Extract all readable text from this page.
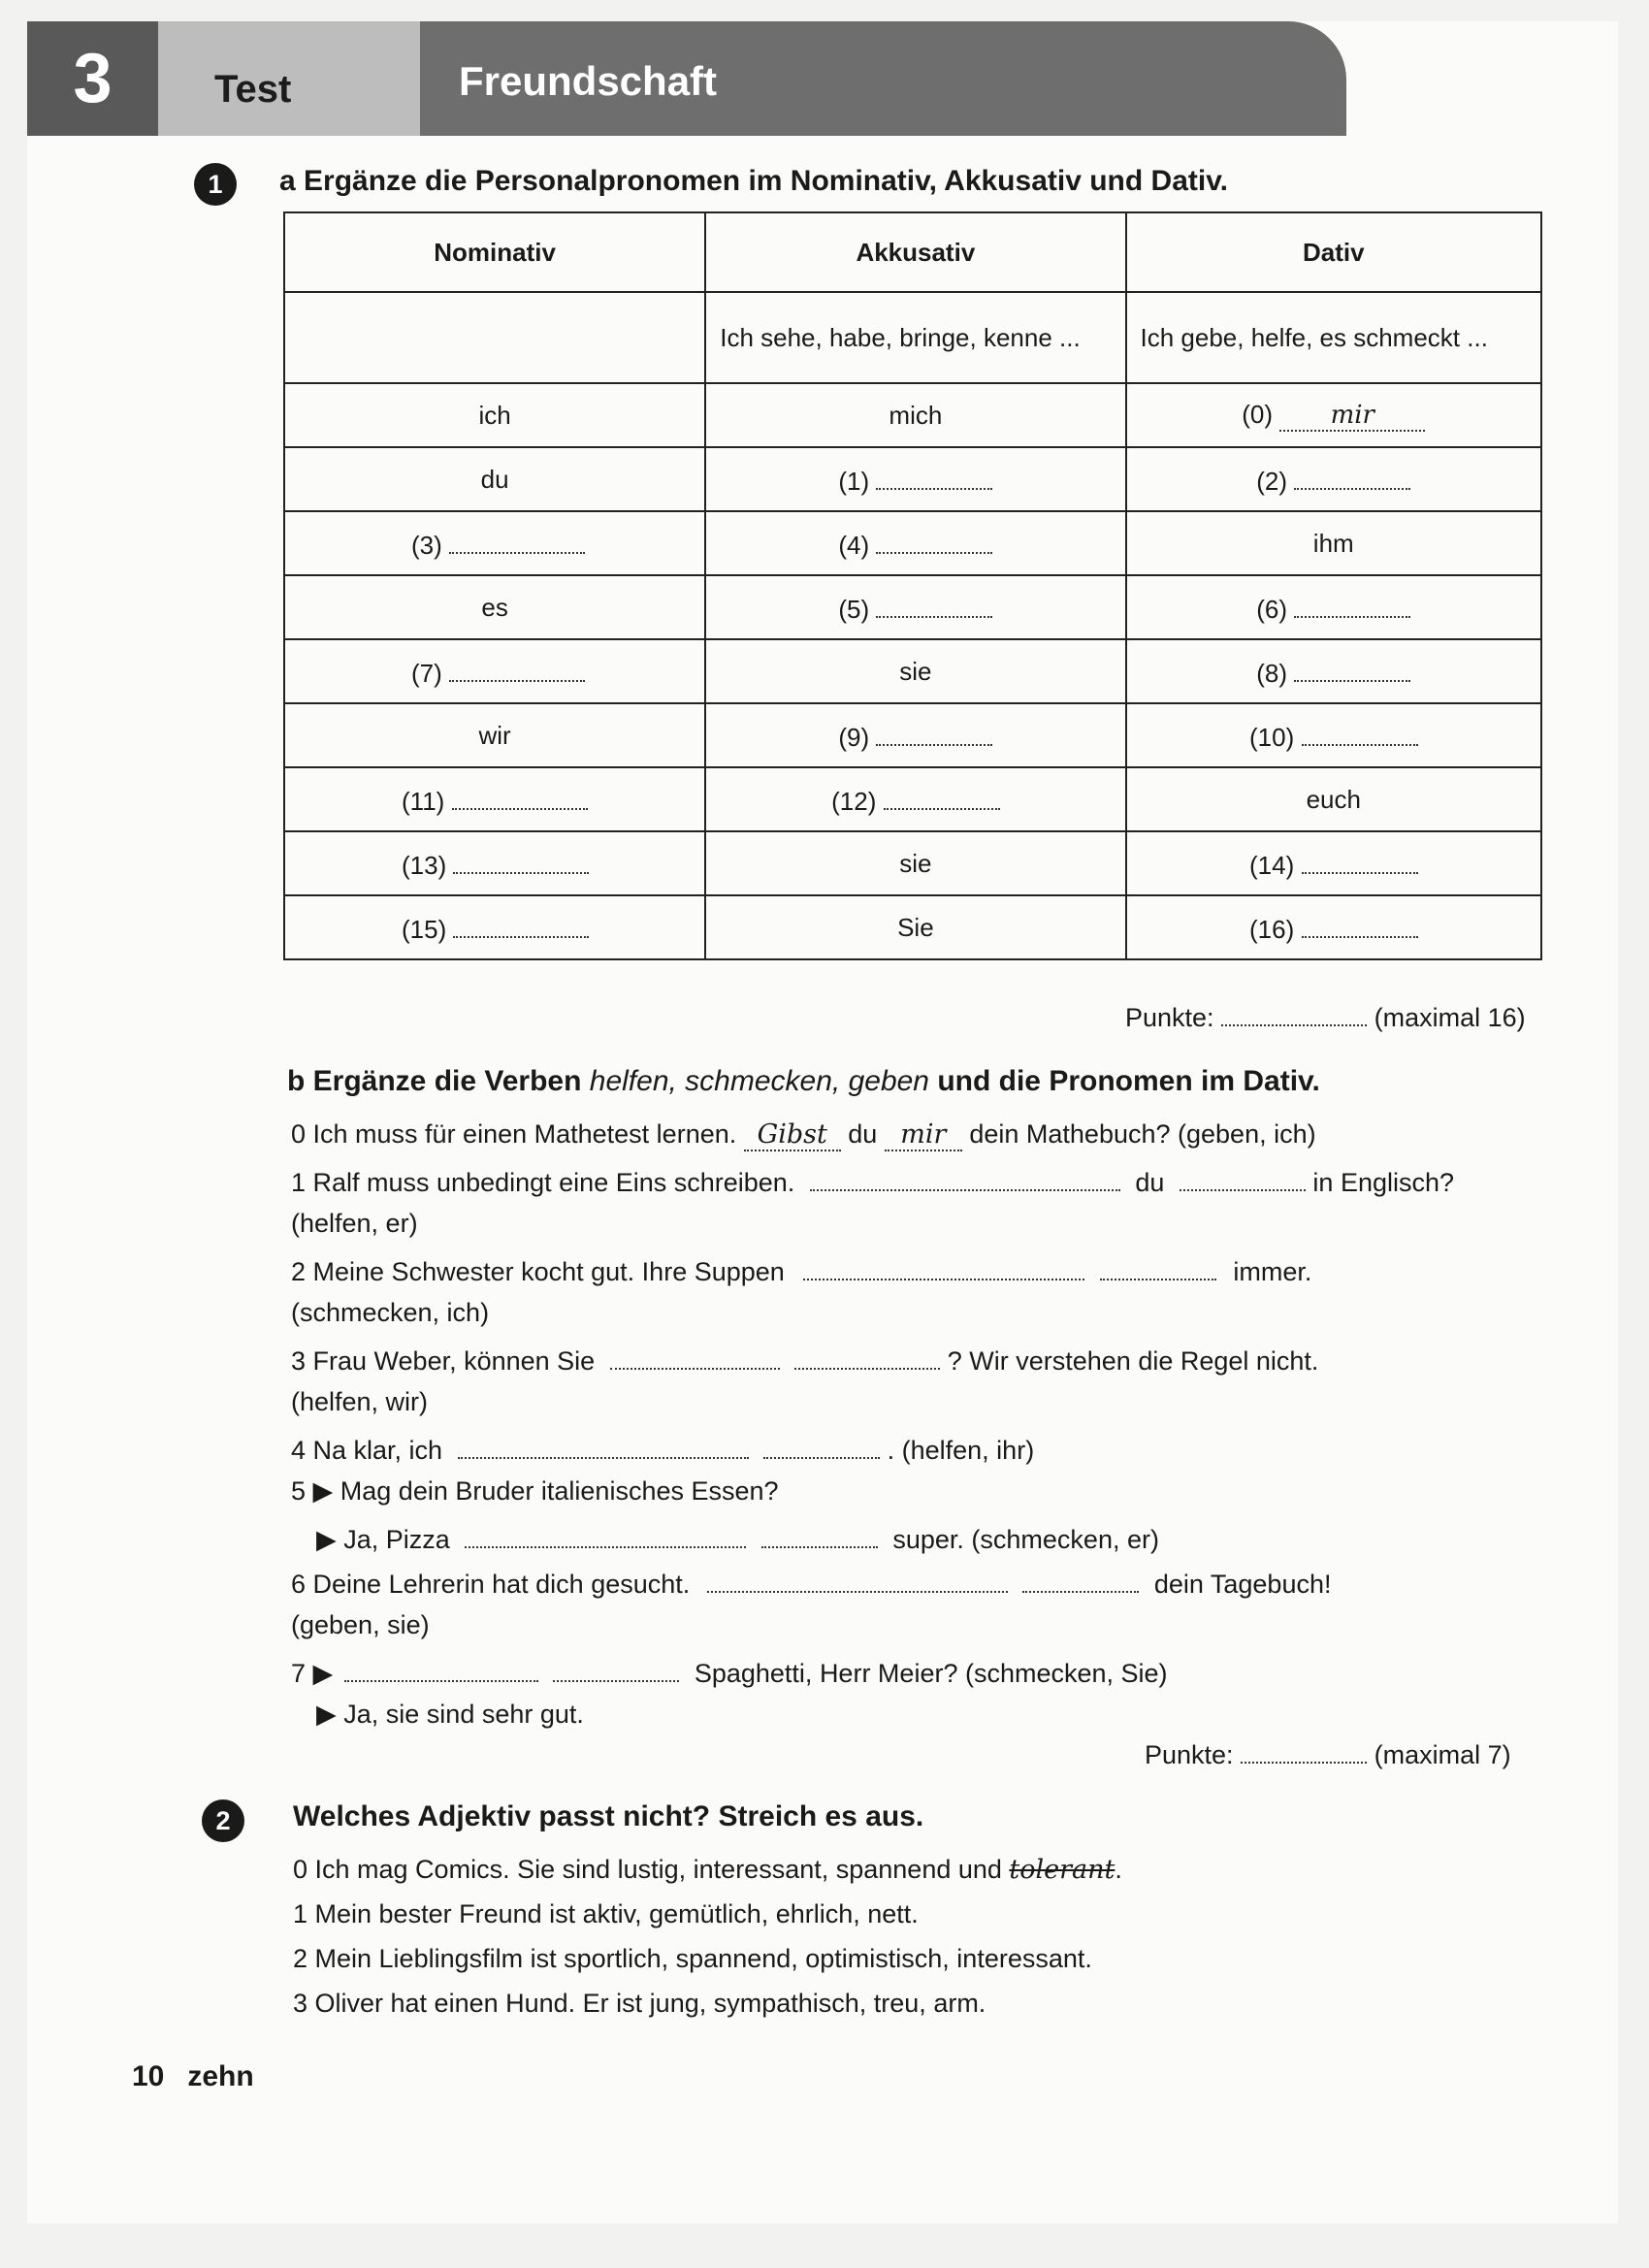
3	Test	Freundschaft
1	a Ergänze die Personalpronomen im Nominativ, Akkusativ und Dativ.
Nominativ	Akkusativ	Dativ
	Ich sehe, habe, bringe, kenne ...	Ich gebe, helfe, es schmeckt ...
ich	mich	(0) mir
du	(1)	(2)
(3)	(4)	ihm
es	(5)	(6)
(7)	sie	(8)
wir	(9)	(10)
(11)	(12)	euch
(13)	sie	(14)
(15)	Sie	(16)
Punkte:	(maximal 16)
b Ergänze die Verben helfen, schmecken, geben und die Pronomen im Dativ.
0 Ich muss für einen Mathetest lernen. Gibst du mir dein Mathebuch? (geben, ich)
1 Ralf muss unbedingt eine Eins schreiben.	du	in Englisch?
(helfen, er)
2 Meine Schwester kocht gut. Ihre Suppen	immer.
(schmecken, ich)
3 Frau Weber, können Sie	? Wir verstehen die Regel nicht.
(helfen, wir)
4 Na klar, ich	. (helfen, ihr)
5 ▶ Mag dein Bruder italienisches Essen?
▶ Ja, Pizza	super. (schmecken, er)
6 Deine Lehrerin hat dich gesucht.	dein Tagebuch!
(geben, sie)
7 ▶	Spaghetti, Herr Meier? (schmecken, Sie)
▶ Ja, sie sind sehr gut.
Punkte:	(maximal 7)
2	Welches Adjektiv passt nicht? Streich es aus.
0 Ich mag Comics. Sie sind lustig, interessant, spannend und tolerant.
1 Mein bester Freund ist aktiv, gemütlich, ehrlich, nett.
2 Mein Lieblingsfilm ist sportlich, spannend, optimistisch, interessant.
3 Oliver hat einen Hund. Er ist jung, sympathisch, treu, arm.
10 zehn
